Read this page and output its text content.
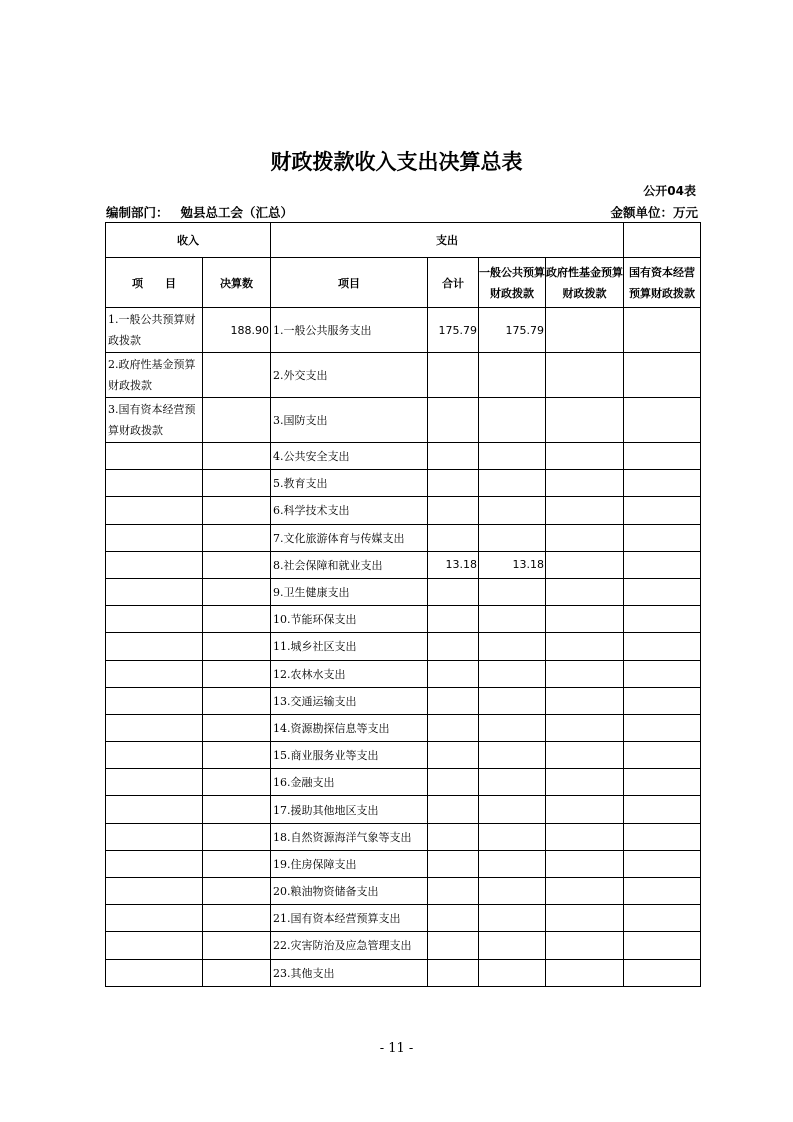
财政拨款收入支出决算总表
公开04表
编制部门： 勉县总工会（汇总）	金额单位：万元
收入		支出				
项　　目	决算数	项目	合计	一般公共预算财政拨款	政府性基金预算财政拨款	国有资本经营预算财政拨款
1.一般公共预算财政拨款	188.90	1.一般公共服务支出	175.79	175.79		
2.政府性基金预算财政拨款		2.外交支出				
3.国有资本经营预算财政拨款		3.国防支出				
		4.公共安全支出				
		5.教育支出				
		6.科学技术支出				
		7.文化旅游体育与传媒支出				
		8.社会保障和就业支出	13.18	13.18		
		9.卫生健康支出				
		10.节能环保支出				
		11.城乡社区支出				
		12.农林水支出				
		13.交通运输支出				
		14.资源勘探信息等支出				
		15.商业服务业等支出				
		16.金融支出				
		17.援助其他地区支出				
		18.自然资源海洋气象等支出				
		19.住房保障支出				
		20.粮油物资储备支出				
		21.国有资本经营预算支出				
		22.灾害防治及应急管理支出				
		23.其他支出				
- 11 -
